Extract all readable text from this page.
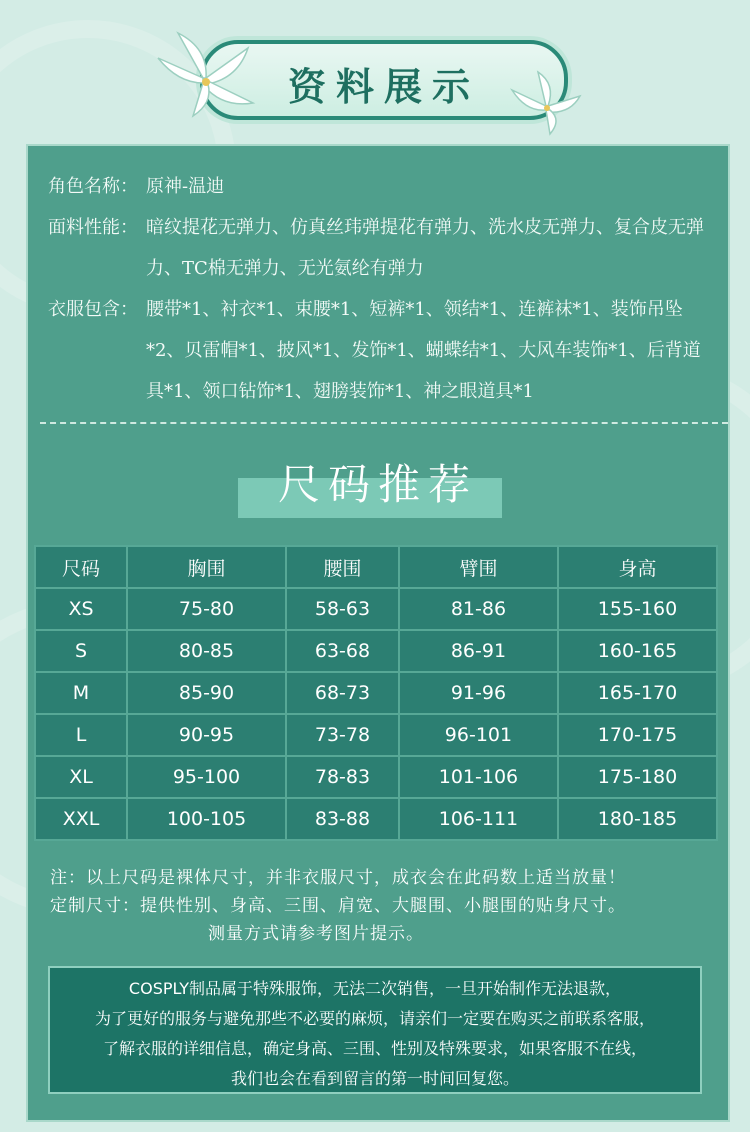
资料展示
角色名称： 原神-温迪
面料性能： 暗纹提花无弹力、仿真丝玮弹提花有弹力、洗水皮无弹力、复合皮无弹力、TC棉无弹力、无光氨纶有弹力
衣服包含： 腰带*1、衬衣*1、束腰*1、短裤*1、领结*1、连裤袜*1、装饰吊坠*2、贝雷帽*1、披风*1、发饰*1、蝴蝶结*1、大风车装饰*1、后背道具*1、领口钻饰*1、翅膀装饰*1、神之眼道具*1
尺码推荐
尺码	胸围	腰围	臂围	身高
XS	75-80	58-63	81-86	155-160
S	80-85	63-68	86-91	160-165
M	85-90	68-73	91-96	165-170
L	90-95	73-78	96-101	170-175
XL	95-100	78-83	101-106	175-180
XXL	100-105	83-88	106-111	180-185
注：以上尺码是裸体尺寸，并非衣服尺寸，成衣会在此码数上适当放量！
定制尺寸：提供性别、身高、三围、肩宽、大腿围、小腿围的贴身尺寸。
测量方式请参考图片提示。
COSPLY制品属于特殊服饰，无法二次销售，一旦开始制作无法退款，
为了更好的服务与避免那些不必要的麻烦，请亲们一定要在购买之前联系客服，
了解衣服的详细信息，确定身高、三围、性别及特殊要求，如果客服不在线，
我们也会在看到留言的第一时间回复您。
